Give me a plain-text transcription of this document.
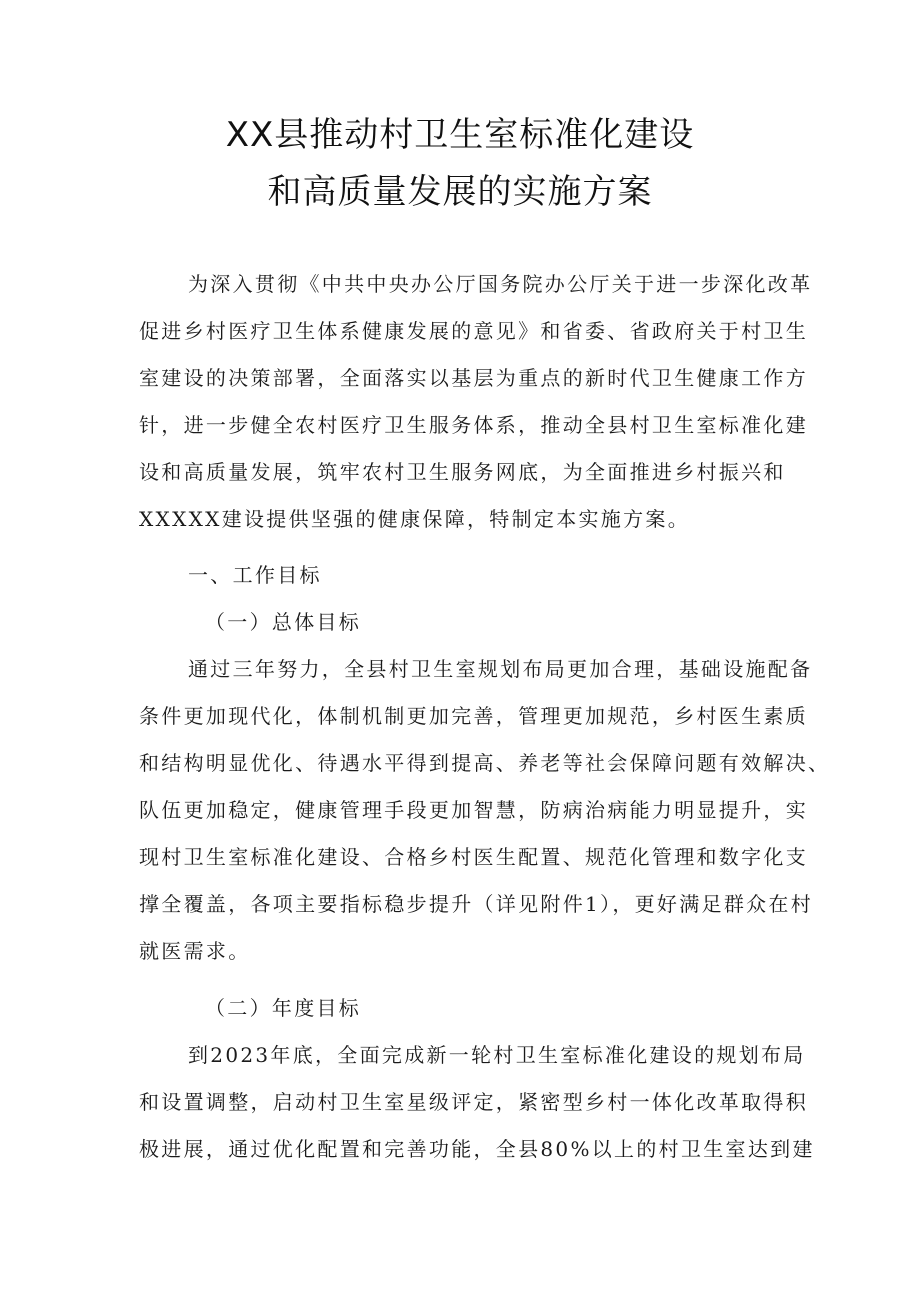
XX县推动村卫生室标准化建设
和高质量发展的实施方案
为深入贯彻《中共中央办公厅国务院办公厅关于进一步深化改革
促进乡村医疗卫生体系健康发展的意见》和省委、省政府关于村卫生
室建设的决策部署，全面落实以基层为重点的新时代卫生健康工作方
针，进一步健全农村医疗卫生服务体系，推动全县村卫生室标准化建
设和高质量发展，筑牢农村卫生服务网底，为全面推进乡村振兴和
XXXXX建设提供坚强的健康保障，特制定本实施方案。
一、工作目标
（一）总体目标
通过三年努力，全县村卫生室规划布局更加合理，基础设施配备
条件更加现代化，体制机制更加完善，管理更加规范，乡村医生素质
和结构明显优化、待遇水平得到提高、养老等社会保障问题有效解决、
队伍更加稳定，健康管理手段更加智慧，防病治病能力明显提升，实
现村卫生室标准化建设、合格乡村医生配置、规范化管理和数字化支
撑全覆盖，各项主要指标稳步提升（详见附件1），更好满足群众在村
就医需求。
（二）年度目标
到2023年底，全面完成新一轮村卫生室标准化建设的规划布局
和设置调整，启动村卫生室星级评定，紧密型乡村一体化改革取得积
极进展，通过优化配置和完善功能，全县80%以上的村卫生室达到建
